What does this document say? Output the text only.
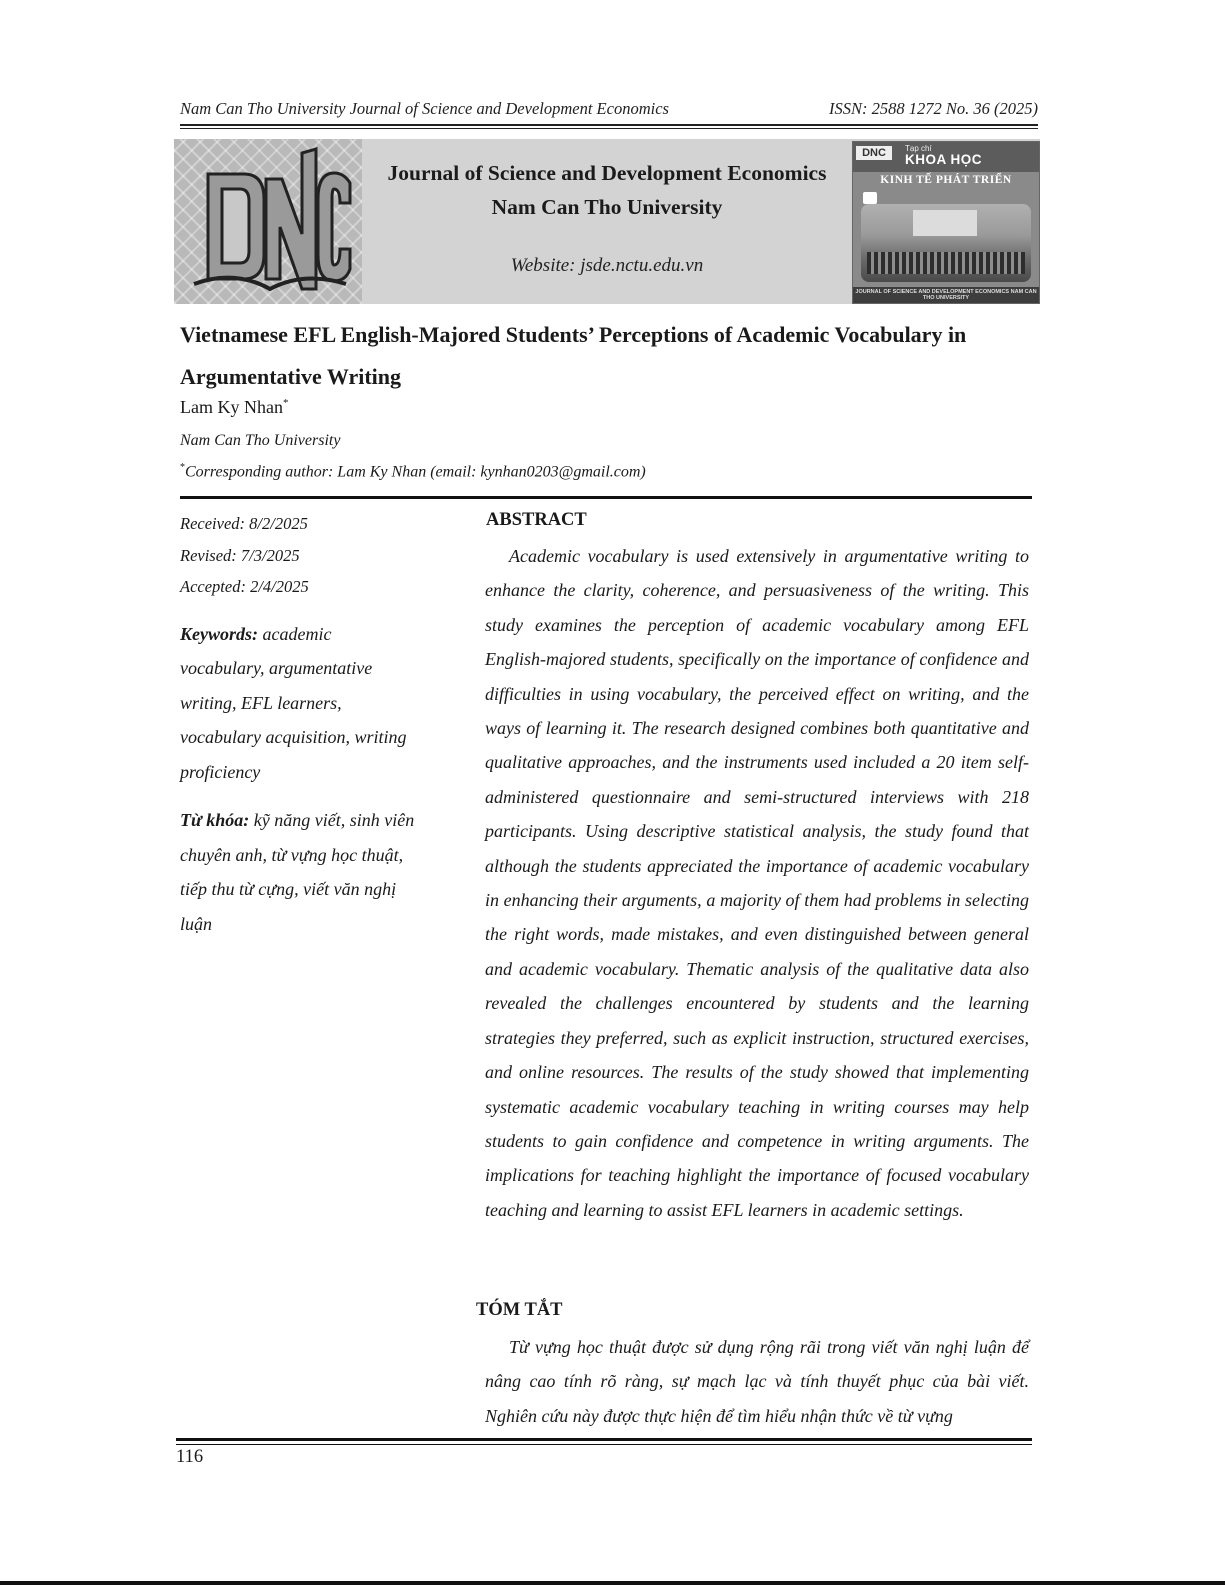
Nam Can Tho University Journal of Science and Development Economics	ISSN: 2588 1272 No. 36 (2025)
Journal of Science and Development Economics
Nam Can Tho University
Website: jsde.nctu.edu.vn
DNC	Tạp chí
KHOA HỌC
KINH TẾ PHÁT TRIỂN
JOURNAL OF SCIENCE AND DEVELOPMENT ECONOMICS NAM CAN THO UNIVERSITY
Vietnamese EFL English-Majored Students’ Perceptions of Academic Vocabulary in Argumentative Writing
Lam Ky Nhan*
Nam Can Tho University
*Corresponding author: Lam Ky Nhan (email: kynhan0203@gmail.com)
Received: 8/2/2025
Revised: 7/3/2025
Accepted: 2/4/2025
Keywords: academic vocabulary, argumentative writing, EFL learners, vocabulary acquisition, writing proficiency
Từ khóa: kỹ năng viết, sinh viên chuyên anh, từ vựng học thuật, tiếp thu từ cựng, viết văn nghị luận
ABSTRACT
Academic vocabulary is used extensively in argumentative writing to enhance the clarity, coherence, and persuasiveness of the writing. This study examines the perception of academic vocabulary among EFL English-majored students, specifically on the importance of confidence and difficulties in using vocabulary, the perceived effect on writing, and the ways of learning it. The research designed combines both quantitative and qualitative approaches, and the instruments used included a 20 item self-administered questionnaire and semi-structured interviews with 218 participants. Using descriptive statistical analysis, the study found that although the students appreciated the importance of academic vocabulary in enhancing their arguments, a majority of them had problems in selecting the right words, made mistakes, and even distinguished between general and academic vocabulary. Thematic analysis of the qualitative data also revealed the challenges encountered by students and the learning strategies they preferred, such as explicit instruction, structured exercises, and online resources. The results of the study showed that implementing systematic academic vocabulary teaching in writing courses may help students to gain confidence and competence in writing arguments. The implications for teaching highlight the importance of focused vocabulary teaching and learning to assist EFL learners in academic settings.
TÓM TẮT
Từ vựng học thuật được sử dụng rộng rãi trong viết văn nghị luận để nâng cao tính rõ ràng, sự mạch lạc và tính thuyết phục của bài viết. Nghiên cứu này được thực hiện để tìm hiểu nhận thức về từ vựng
116
